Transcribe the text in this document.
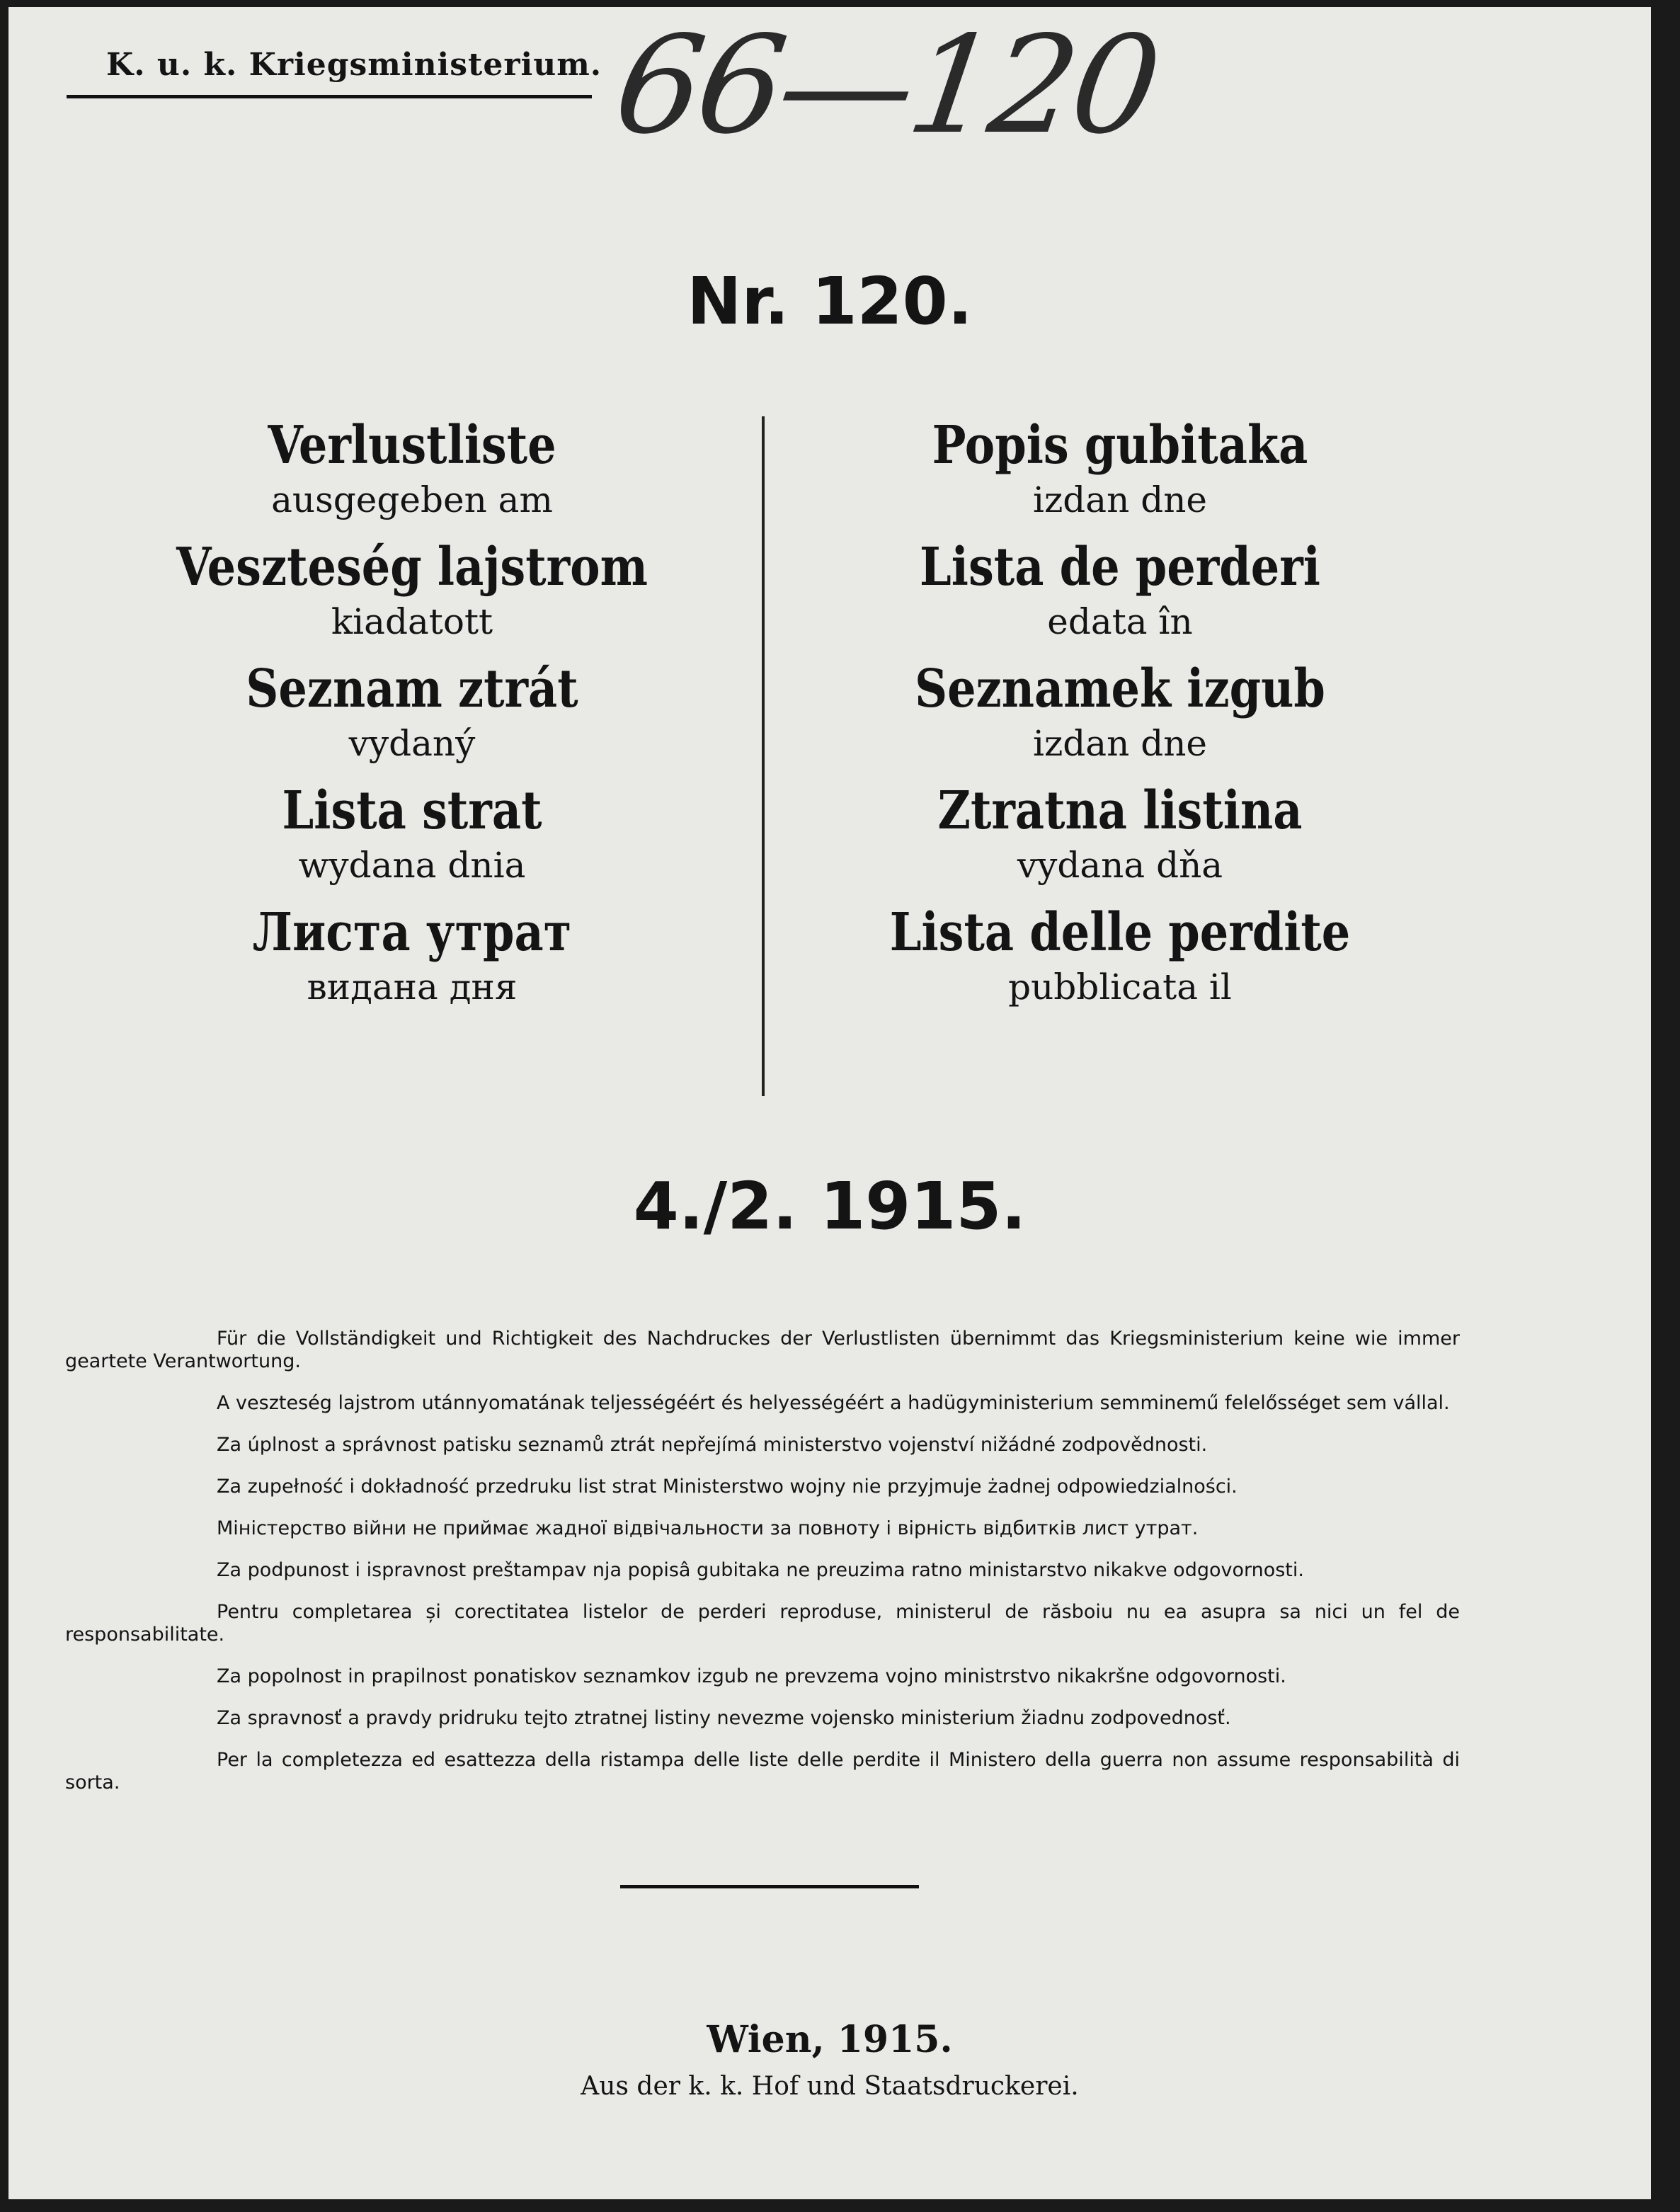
K. u. k. Kriegsministerium. 66—120
Nr. 120.
Verlustliste
ausgegeben am
Veszteség lajstrom
kiadatott
Seznam ztrát
vydaný
Lista strat
wydana dnia
Листа утрат
видана дня
Popis gubitaka
izdan dne
Lista de perderi
edata în
Seznamek izgub
izdan dne
Ztratna listina
vydana dňa
Lista delle perdite
pubblicata il
4./2. 1915.

Für die Vollständigkeit und Richtigkeit des Nachdruckes der Verlustlisten übernimmt das Kriegsministerium keine wie immer geartete Verantwortung.

A veszteség lajstrom utánnyomatának teljességéért és helyességéért a hadügyministerium semminemű felelősséget sem vállal.

Za úplnost a správnost patisku seznamů ztrát nepřejímá ministerstvo vojenství nižádné zodpovědnosti.

Za zupełność i dokładność przedruku list strat Ministerstwo wojny nie przyjmuje żadnej odpowiedzialności.

Міністерство війни не приймає жадної відвічальности за повноту і вірність відбитків лист утрат.

Za podpunost i ispravnost preštampav nja popisâ gubitaka ne preuzima ratno ministarstvo nikakve odgovornosti.

Pentru completarea și corectitatea listelor de perderi reproduse, ministerul de răsboiu nu ea asupra sa nici un fel de responsabilitate.

Za popolnost in prapilnost ponatiskov seznamkov izgub ne prevzema vojno ministrstvo nikakršne odgovornosti.

Za spravnosť a pravdy pridruku tejto ztratnej listiny nevezme vojensko ministerium žiadnu zodpovednosť.

Per la completezza ed esattezza della ristampa delle liste delle perdite il Ministero della guerra non assume responsabilità di sorta.

Wien, 1915.
Aus der k. k. Hof und Staatsdruckerei.
